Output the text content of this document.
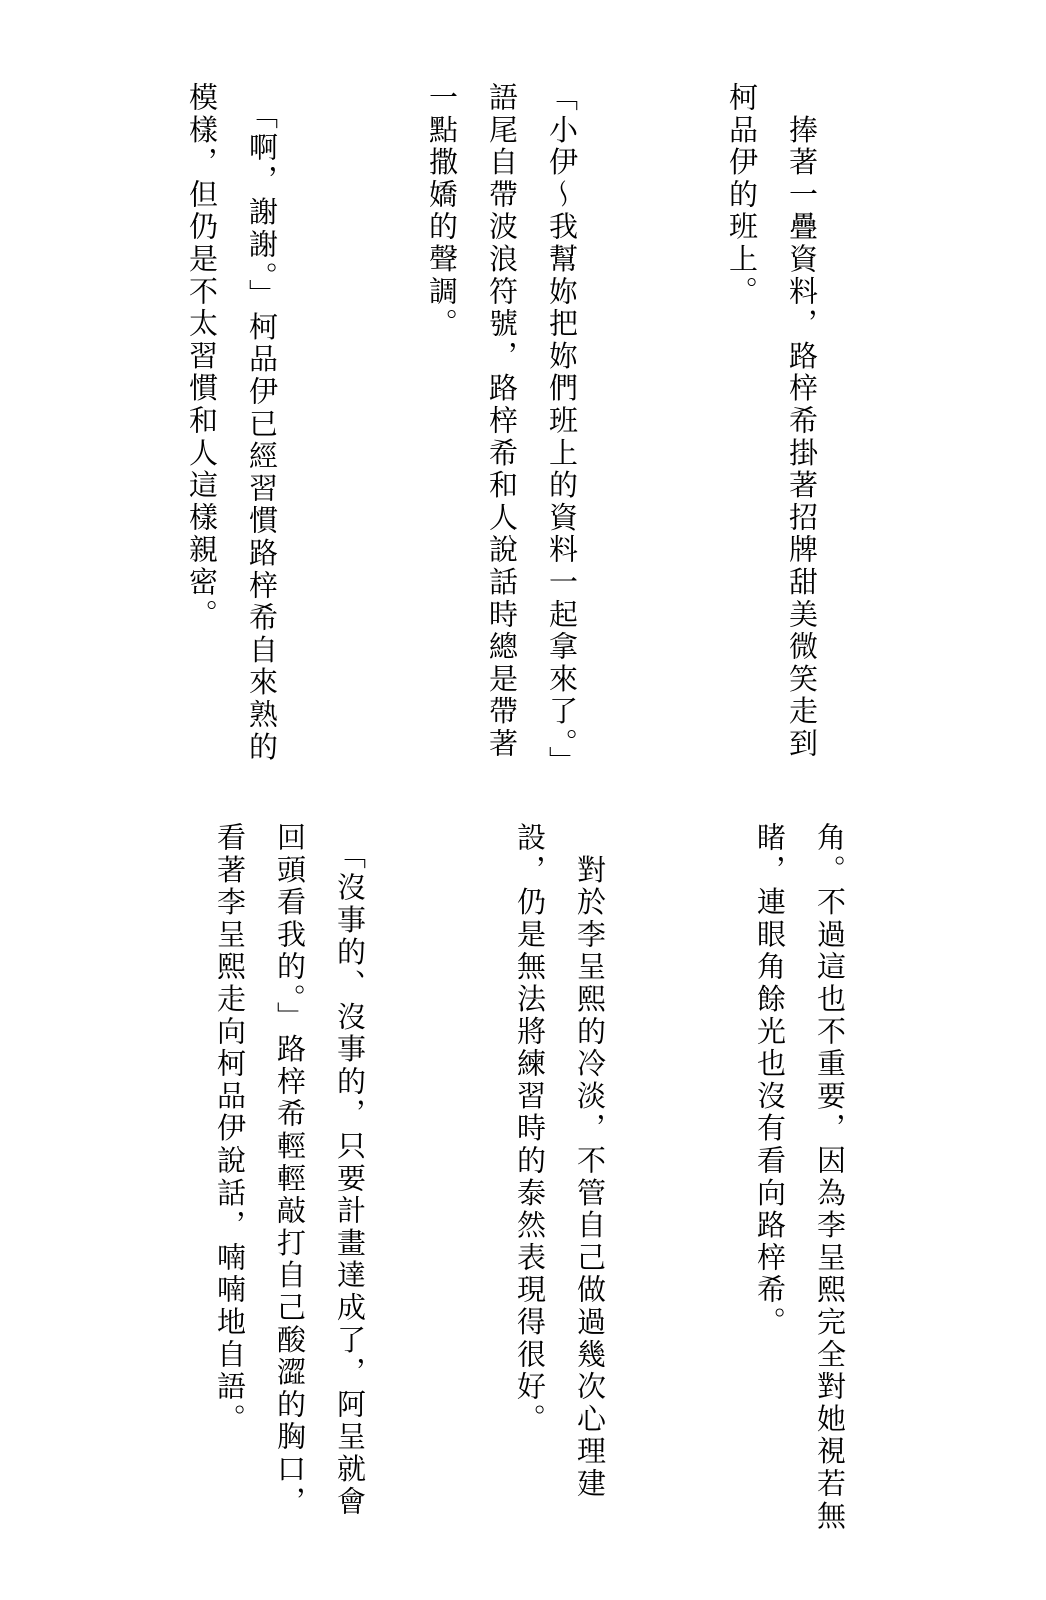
　捧著一疊資料，路梓希掛著招牌甜美微笑走到柯品伊的班上。

「小伊～我幫妳把妳們班上的資料一起拿來了。」語尾自帶波浪符號，路梓希和人說話時總是帶著一點撒嬌的聲調。

　「啊，謝謝。」柯品伊已經習慣路梓希自來熟的模樣，但仍是不太習慣和人這樣親密。

角。不過這也不重要，因為李呈熙完全對她視若無睹，連眼角餘光也沒有看向路梓希。

　對於李呈熙的冷淡，不管自己做過幾次心理建設，仍是無法將練習時的泰然表現得很好。

　「沒事的、沒事的，只要計畫達成了，阿呈就會回頭看我的。」路梓希輕輕敲打自己酸澀的胸口，看著李呈熙走向柯品伊說話，喃喃地自語。
